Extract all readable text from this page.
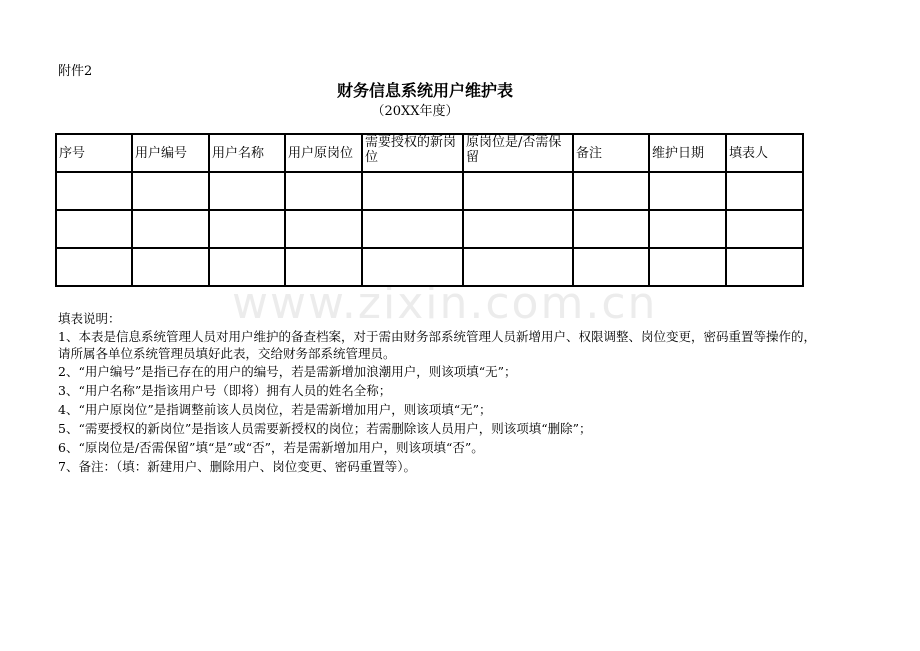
www.zixin.com.cn
附件2
财务信息系统用户维护表
（20XX年度）
序号	用户编号	用户名称	用户原岗位	需要授权的新岗位	原岗位是/否需保留	备注	维护日期	填表人

填表说明：

1、本表是信息系统管理人员对用户维护的备查档案，对于需由财务部系统管理人员新增用户、权限调整、岗位变更，密码重置等操作的，请所属各单位系统管理员填好此表，交给财务部系统管理员。

2、“用户编号”是指已存在的用户的编号，若是需新增加浪潮用户，则该项填“无”；

3、“用户名称”是指该用户号（即将）拥有人员的姓名全称；

4、“用户原岗位”是指调整前该人员岗位，若是需新增加用户，则该项填“无”；

5、“需要授权的新岗位”是指该人员需要新授权的岗位；若需删除该人员用户，则该项填“删除”；

6、“原岗位是/否需保留”填“是”或“否”，若是需新增加用户，则该项填“否”。

7、备注：（填：新建用户、删除用户、岗位变更、密码重置等）。
